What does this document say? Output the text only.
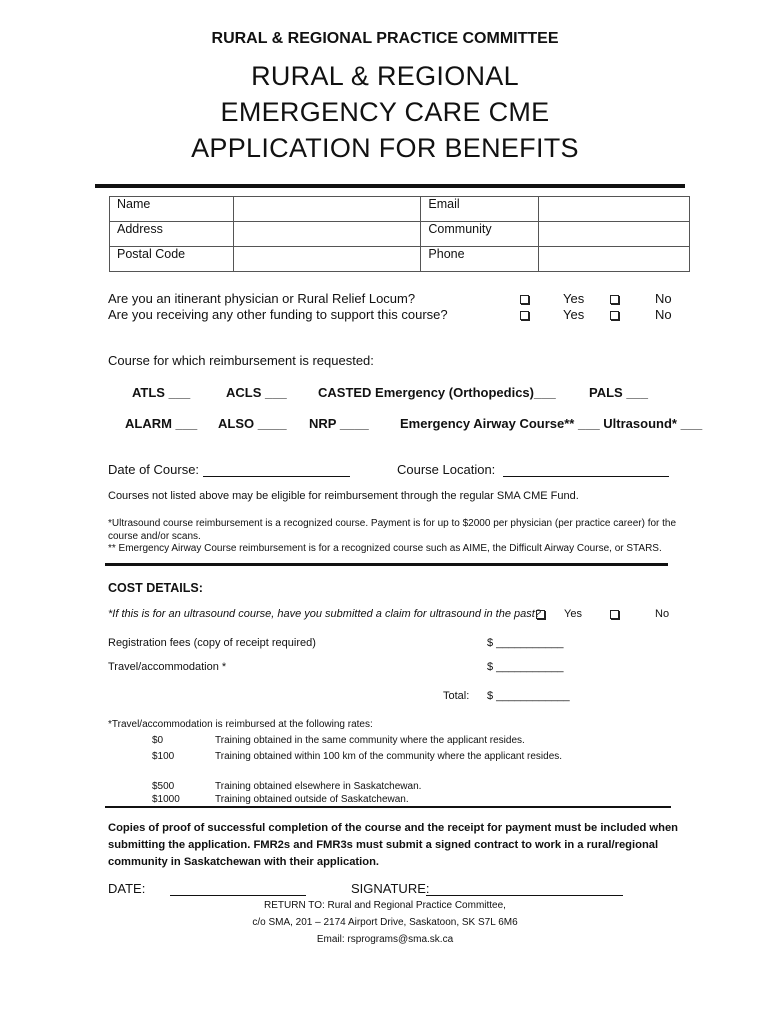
RURAL & REGIONAL PRACTICE COMMITTEE
RURAL & REGIONAL
EMERGENCY CARE CME
APPLICATION FOR BENEFITS
Name		Email	
Address		Community	
Postal Code		Phone	
Are you an itinerant physician or Rural Relief Locum?	Yes	No
Are you receiving any other funding to support this course?	Yes	No
Course for which reimbursement is requested:
ATLS ___	ACLS ___ CASTED Emergency (Orthopedics)___	PALS ___
ALARM ___ ALSO ____ NRP ____ Emergency Airway Course** ___ Ultrasound* ___
Date of Course:	Course Location:
Courses not listed above may be eligible for reimbursement through the regular SMA CME Fund.
*Ultrasound course reimbursement is a recognized course. Payment is for up to $2000 per physician (per practice career) for the course and/or scans.
** Emergency Airway Course reimbursement is for a recognized course such as AIME, the Difficult Airway Course, or STARS.
COST DETAILS:
*If this is for an ultrasound course, have you submitted a claim for ultrasound in the past? Yes	No
Registration fees (copy of receipt required)	$ ___________
Travel/accommodation *	$ ___________
Total: $ ____________
*Travel/accommodation is reimbursed at the following rates:
$0	Training obtained in the same community where the applicant resides.
$100	Training obtained within 100 km of the community where the applicant resides.
$500	Training obtained elsewhere in Saskatchewan.
$1000	Training obtained outside of Saskatchewan.
Copies of proof of successful completion of the course and the receipt for payment must be included when submitting the application. FMR2s and FMR3s must submit a signed contract to work in a rural/regional community in Saskatchewan with their application.
DATE:	SIGNATURE:
RETURN TO: Rural and Regional Practice Committee,
c/o SMA, 201 – 2174 Airport Drive, Saskatoon, SK S7L 6M6
Email: rsprograms@sma.sk.ca
